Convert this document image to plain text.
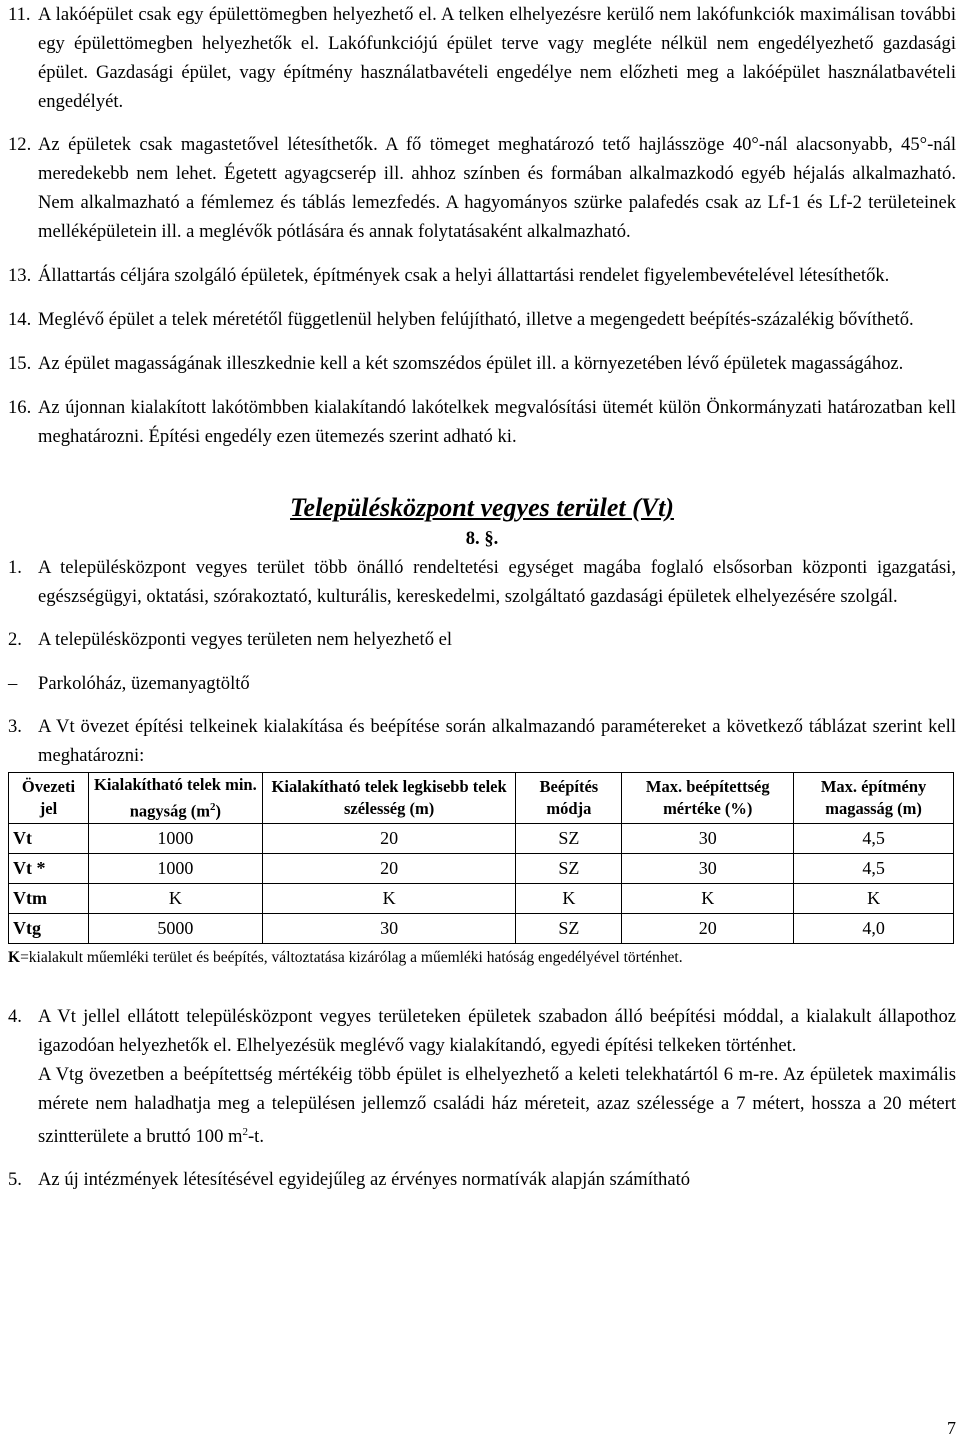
11. A lakóépület csak egy épülettömegben helyezhető el. A telken elhelyezésre kerülő nem lakófunkciók maximálisan további egy épülettömegben helyezhetők el. Lakófunkciójú épület terve vagy megléte nélkül nem engedélyezhető gazdasági épület. Gazdasági épület, vagy építmény használatbavételi engedélye nem előzheti meg a lakóépület használatbavételi engedélyét.
12. Az épületek csak magastetővel létesíthetők. A fő tömeget meghatározó tető hajlásszöge 40°-nál alacsonyabb, 45°-nál meredekebb nem lehet. Égetett agyagcserép ill. ahhoz színben és formában alkalmazkodó egyéb héjalás alkalmazható. Nem alkalmazható a fémlemez és táblás lemezfedés. A hagyományos szürke palafedés csak az Lf-1 és Lf-2 területeinek melléképületein ill. a meglévők pótlására és annak folytatásaként alkalmazható.
13. Állattartás céljára szolgáló épületek, építmények csak a helyi állattartási rendelet figyelembevételével létesíthetők.
14. Meglévő épület a telek méretétől függetlenül helyben felújítható, illetve a megengedett beépítés-százalékig bővíthető.
15. Az épület magasságának illeszkednie kell a két szomszédos épület ill. a környezetében lévő épületek magasságához.
16. Az újonnan kialakított lakótömbben kialakítandó lakótelkek megvalósítási ütemét külön Önkormányzati határozatban kell meghatározni. Építési engedély ezen ütemezés szerint adható ki.
Településközpont vegyes terület (Vt)
8. §.
1. A településközpont vegyes terület több önálló rendeltetési egységet magába foglaló elsősorban központi igazgatási, egészségügyi, oktatási, szórakoztató, kulturális, kereskedelmi, szolgáltató gazdasági épületek elhelyezésére szolgál.
2. A településközponti vegyes területen nem helyezhető el
– Parkolóház, üzemanyagtöltő
3. A Vt övezet építési telkeinek kialakítása és beépítése során alkalmazandó paramétereket a következő táblázat szerint kell meghatározni:
Övezeti jel	Kialakítható telek min. nagyság $(m^2)$	Kialakítható telek legkisebb telek szélesség (m)	Beépítés módja	Max. beépítettség mértéke (%)	Max. építmény magasság (m)
Vt	1000	20	SZ	30	4,5
Vt *	1000	20	SZ	30	4,5
Vtm	K	K	K	K	K
Vtg	5000	30	SZ	20	4,0
K=kialakult műemléki terület és beépítés, változtatása kizárólag a műemléki hatóság engedélyével történhet.
4. A Vt jellel ellátott településközpont vegyes területeken épületek szabadon álló beépítési móddal, a kialakult állapothoz igazodóan helyezhetők el. Elhelyezésük meglévő vagy kialakítandó, egyedi építési telkeken történhet.
A Vtg övezetben a beépítettség mértékéig több épület is elhelyezhető a keleti telekhatártól 6 m-re. Az épületek maximális mérete nem haladhatja meg a településen jellemző családi ház méreteit, azaz szélessége a 7 métert, hossza a 20 métert szintterülete a bruttó 100 $m^2-t$.
5. Az új intézmények létesítésével egyidejűleg az érvényes normatívák alapján számítható
7
